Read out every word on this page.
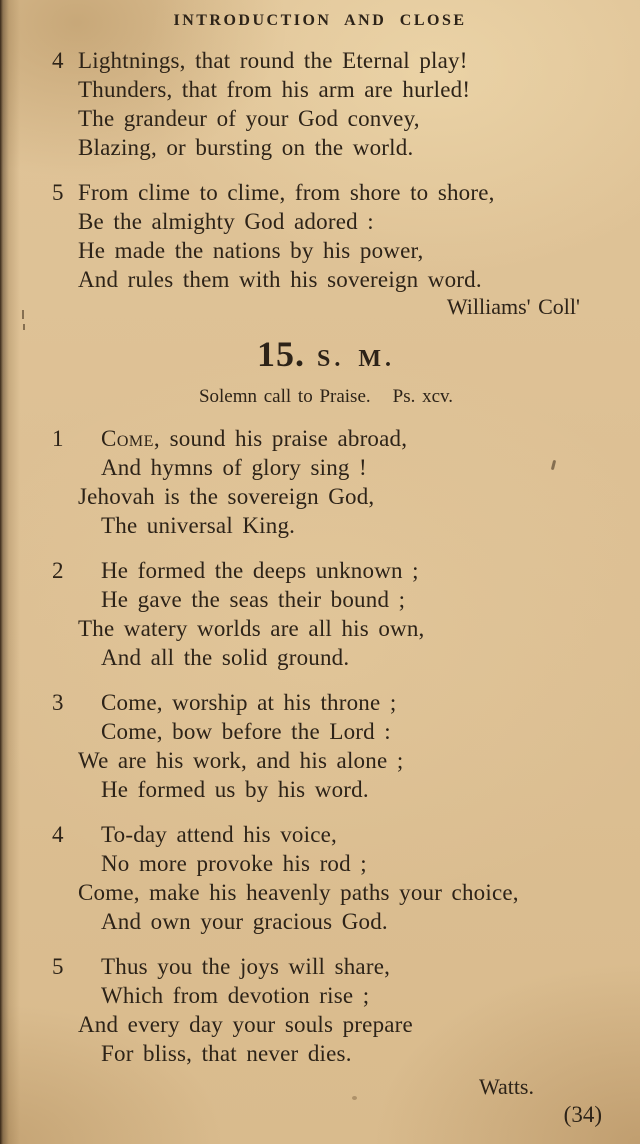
INTRODUCTION AND CLOSE
4 Lightnings, that round the Eternal play!
Thunders, that from his arm are hurled!
The grandeur of your God convey,
Blazing, or bursting on the world.
5 From clime to clime, from shore to shore,
Be the almighty God adored :
He made the nations by his power,
And rules them with his sovereign word.
Williams' Coll'
15. S. M.
Solemn call to Praise. Ps. xcv.
1	Come, sound his praise abroad,
And hymns of glory sing !
Jehovah is the sovereign God,
The universal King.
2	He formed the deeps unknown ;
He gave the seas their bound ;
The watery worlds are all his own,
And all the solid ground.
3	Come, worship at his throne ;
Come, bow before the Lord :
We are his work, and his alone ;
He formed us by his word.
4	To-day attend his voice,
No more provoke his rod ;
Come, make his heavenly paths your choice,
And own your gracious God.
5	Thus you the joys will share,
Which from devotion rise ;
And every day your souls prepare
For bliss, that never dies.
Watts.
(34)
